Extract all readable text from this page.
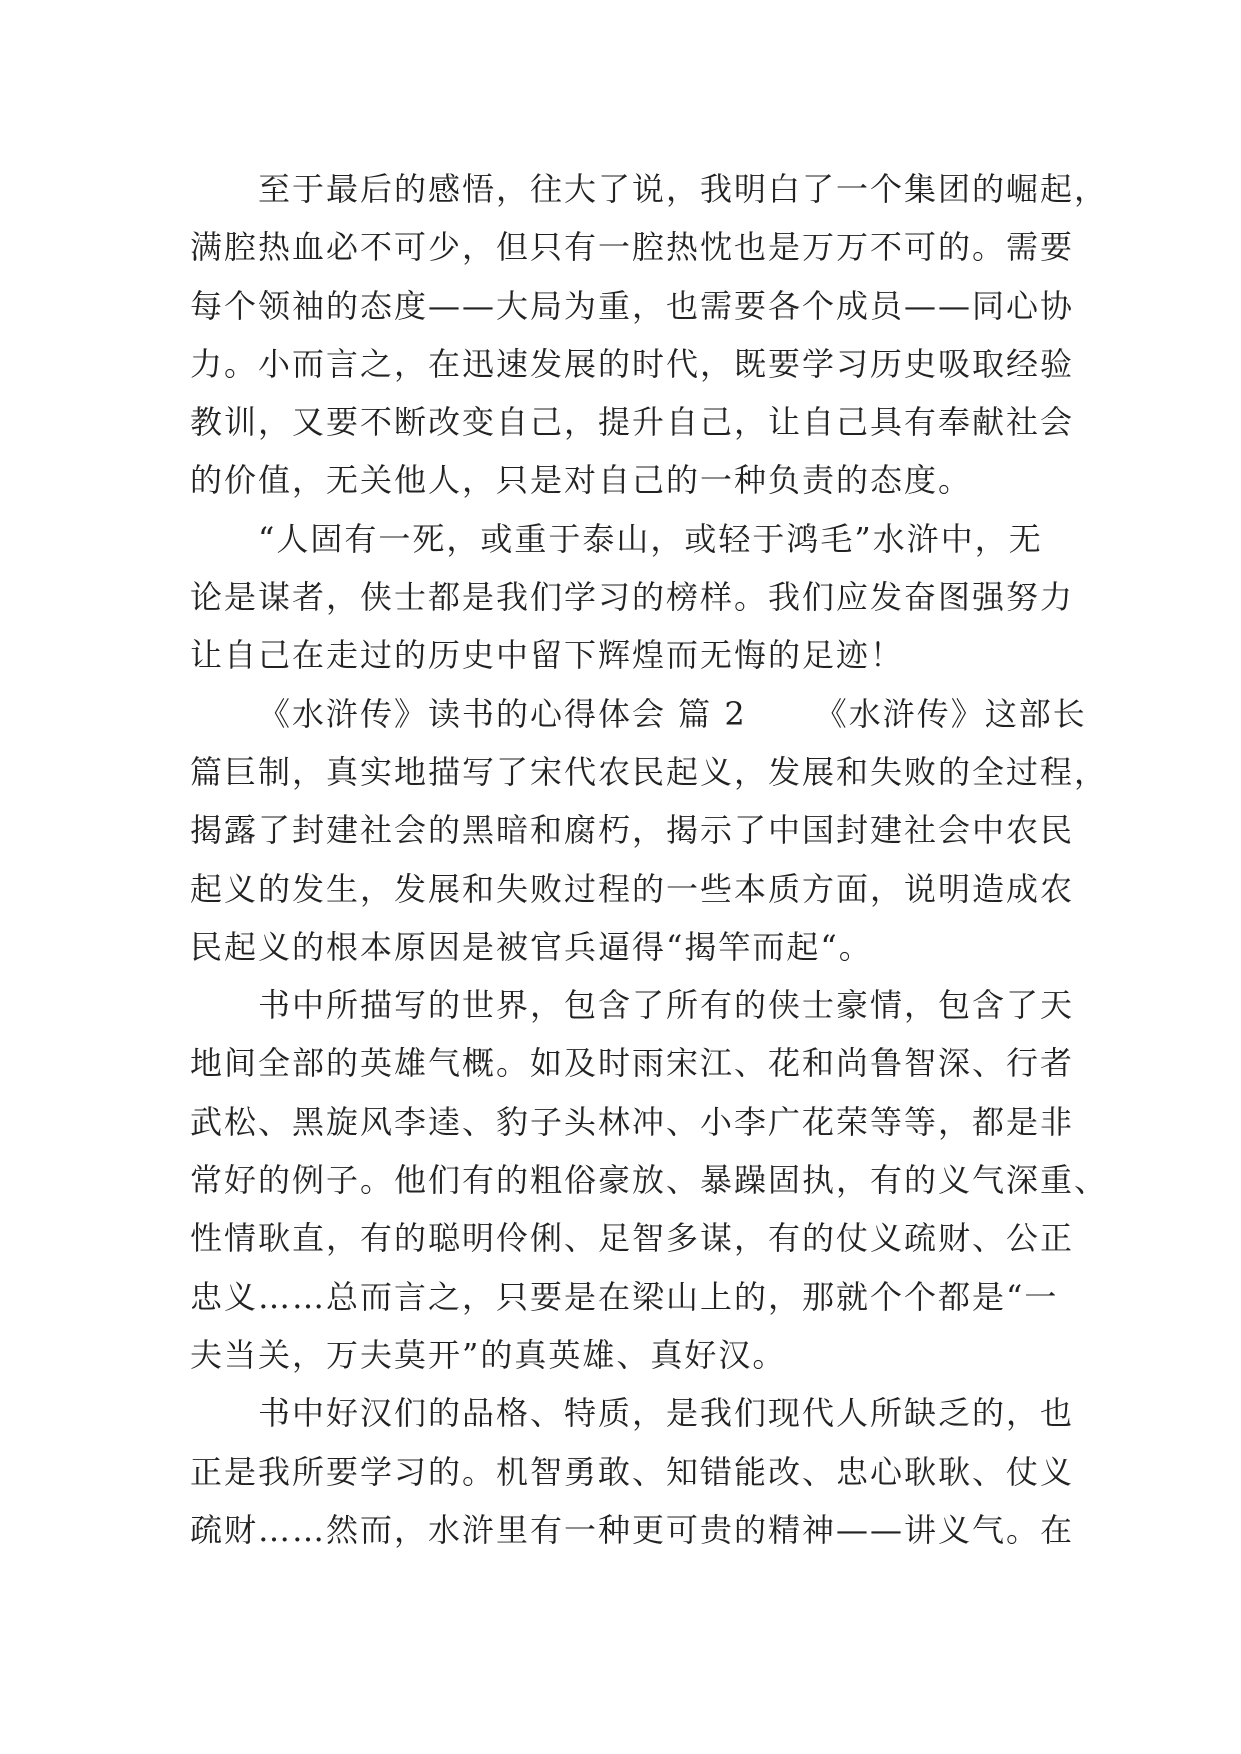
至于最后的感悟，往大了说，我明白了一个集团的崛起，
满腔热血必不可少，但只有一腔热忱也是万万不可的。需要
每个领袖的态度——大局为重，也需要各个成员——同心协
力。小而言之，在迅速发展的时代，既要学习历史吸取经验
教训，又要不断改变自己，提升自己，让自己具有奉献社会
的价值，无关他人，只是对自己的一种负责的态度。
“人固有一死，或重于泰山，或轻于鸿毛”水浒中，无
论是谋者，侠士都是我们学习的榜样。我们应发奋图强努力
让自己在走过的历史中留下辉煌而无悔的足迹！
《水浒传》读书的心得体会 篇 2 《水浒传》这部长
篇巨制，真实地描写了宋代农民起义，发展和失败的全过程，
揭露了封建社会的黑暗和腐朽，揭示了中国封建社会中农民
起义的发生，发展和失败过程的一些本质方面，说明造成农
民起义的根本原因是被官兵逼得“揭竿而起“。
书中所描写的世界，包含了所有的侠士豪情，包含了天
地间全部的英雄气概。如及时雨宋江、花和尚鲁智深、行者
武松、黑旋风李逵、豹子头林冲、小李广花荣等等，都是非
常好的例子。他们有的粗俗豪放、暴躁固执，有的义气深重、
性情耿直，有的聪明伶俐、足智多谋，有的仗义疏财、公正
忠义……总而言之，只要是在梁山上的，那就个个都是“一
夫当关，万夫莫开”的真英雄、真好汉。
书中好汉们的品格、特质，是我们现代人所缺乏的，也
正是我所要学习的。机智勇敢、知错能改、忠心耿耿、仗义
疏财……然而，水浒里有一种更可贵的精神——讲义气。在
